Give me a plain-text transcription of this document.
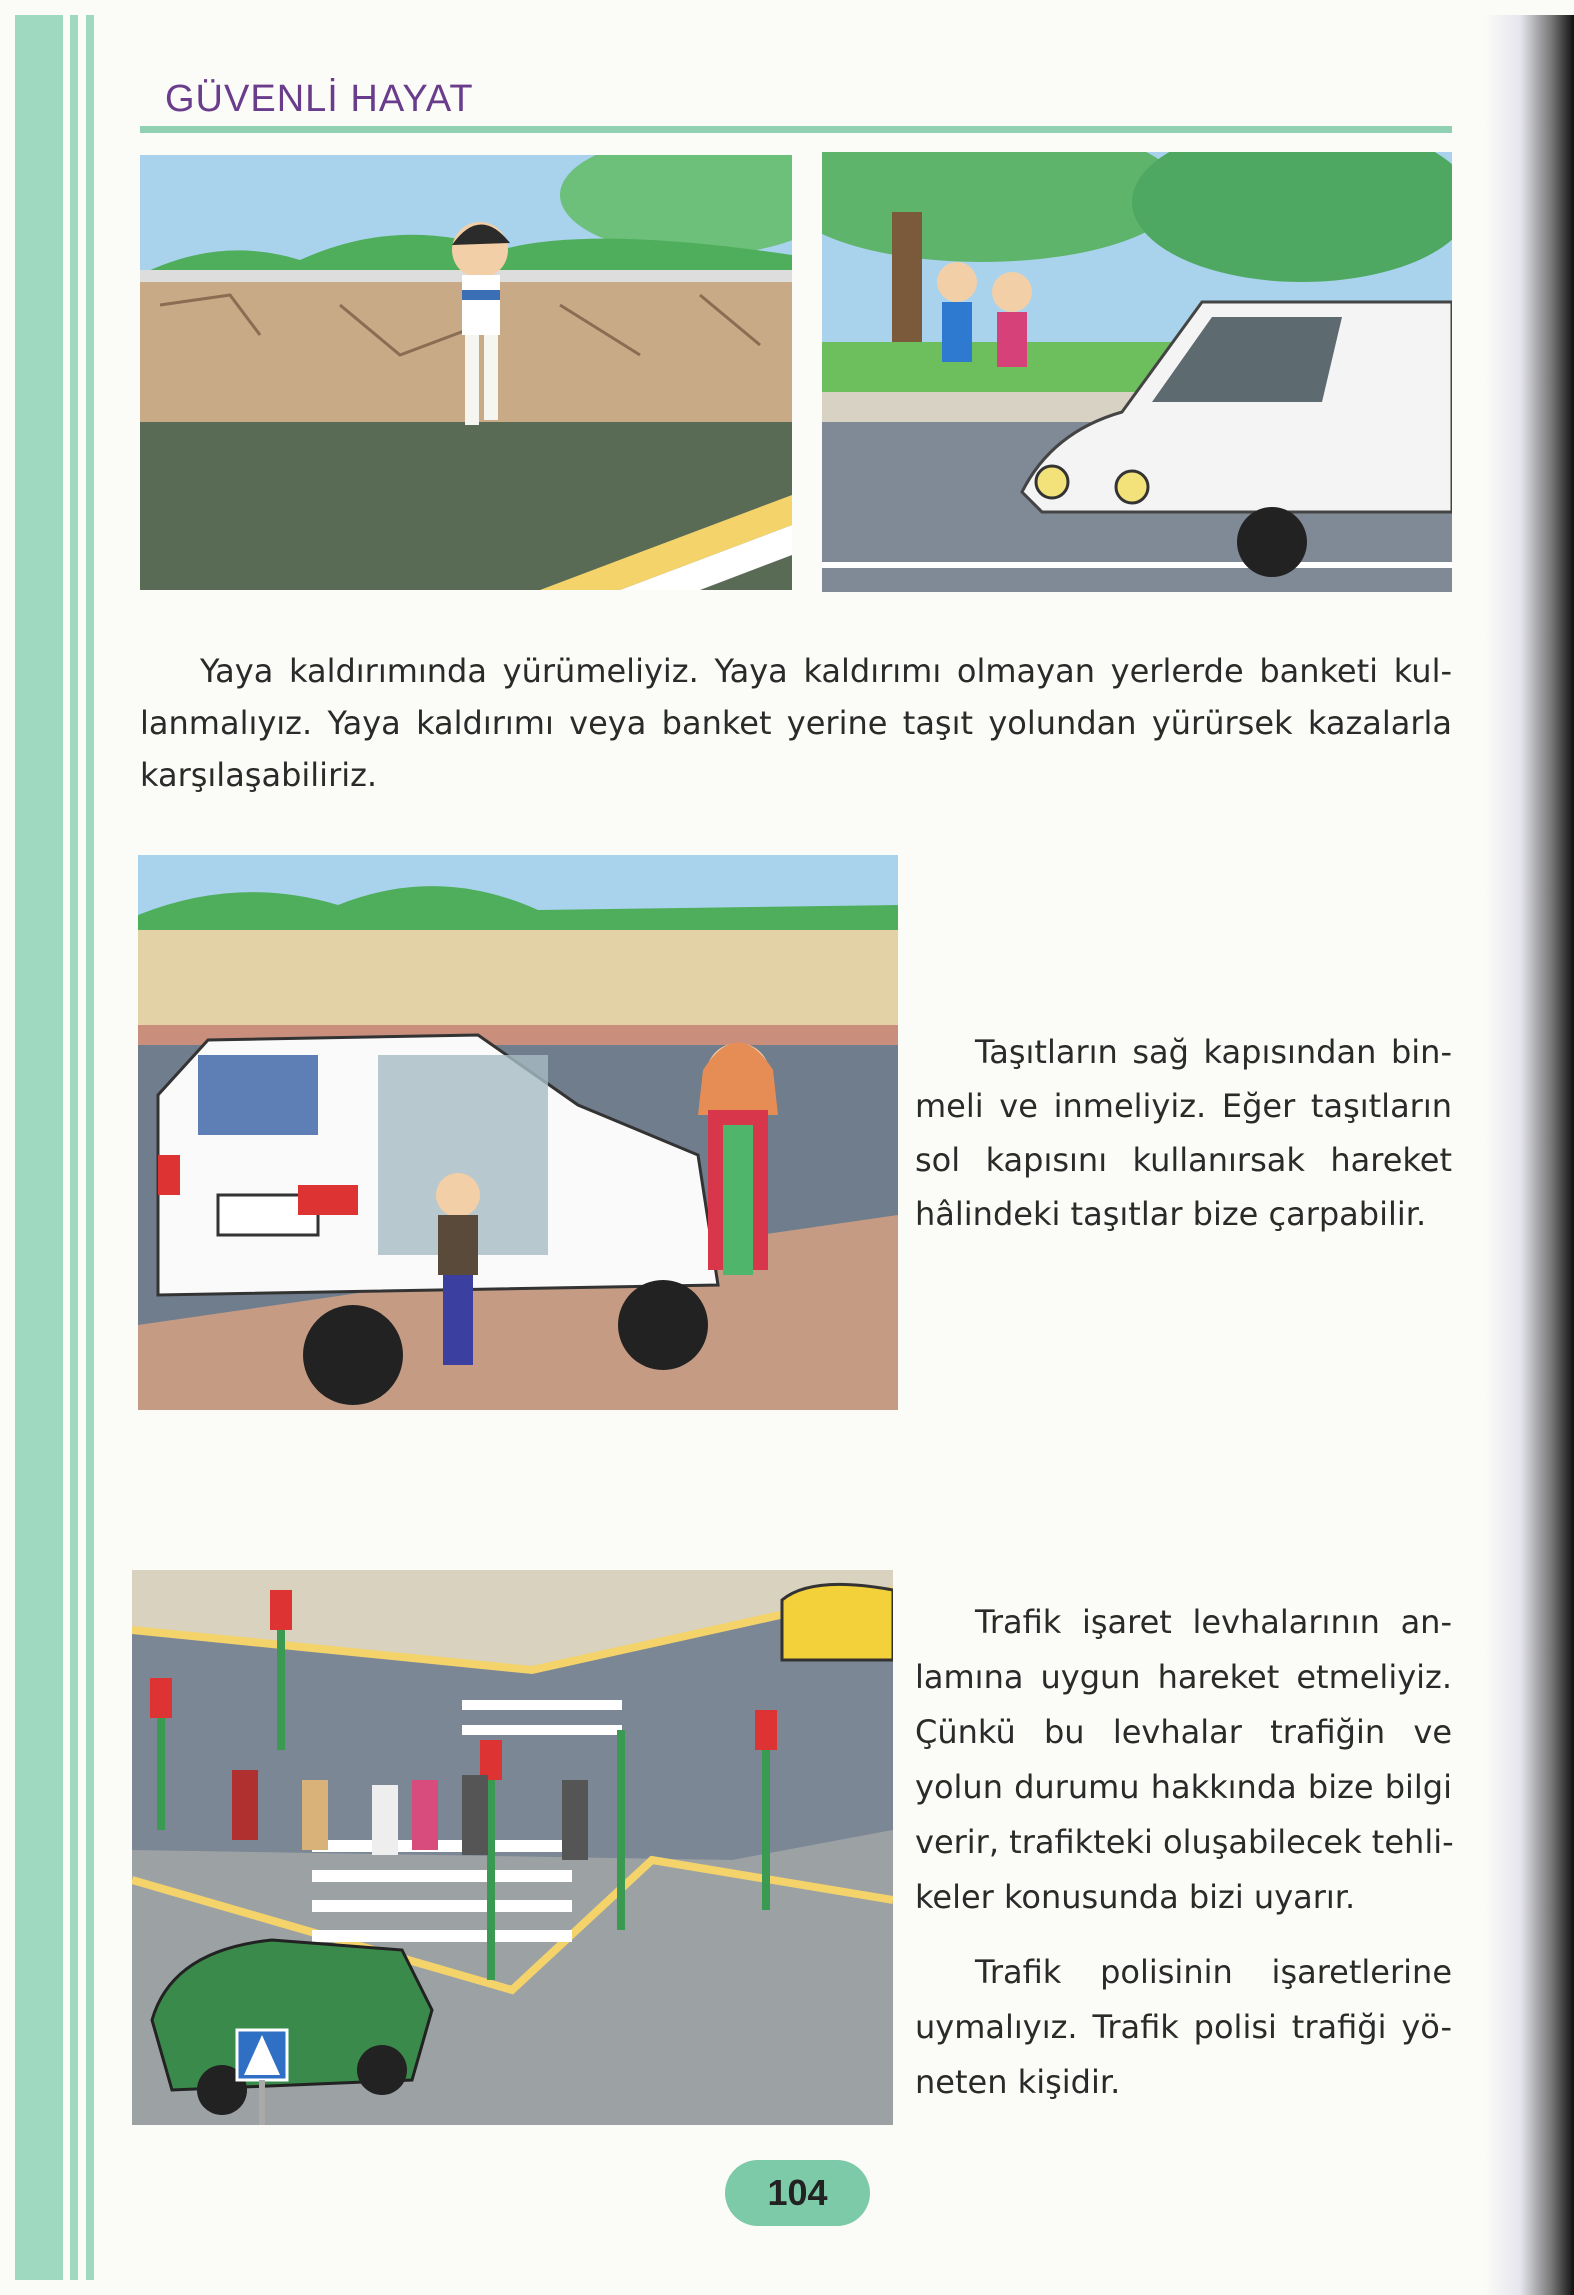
GÜVENLİ HAYAT
Yaya kaldırımında yürümeliyiz. Yaya kaldırımı olmayan yerlerde banketi kul-
lanmalıyız. Yaya kaldırımı veya banket yerine taşıt yolundan yürürsek kazalarla
karşılaşabiliriz.
Taşıtların sağ kapısından bin-
meli ve inmeliyiz. Eğer taşıtların
sol kapısını kullanırsak hareket
hâlindeki taşıtlar bize çarpabilir.
Trafik işaret levhalarının an-
lamına uygun hareket etmeliyiz.
Çünkü bu levhalar trafiğin ve
yolun durumu hakkında bize bilgi
verir, trafikteki oluşabilecek tehli-
keler konusunda bizi uyarır.
Trafik polisinin işaretlerine
uymalıyız. Trafik polisi trafiği yö-
neten kişidir.
104
